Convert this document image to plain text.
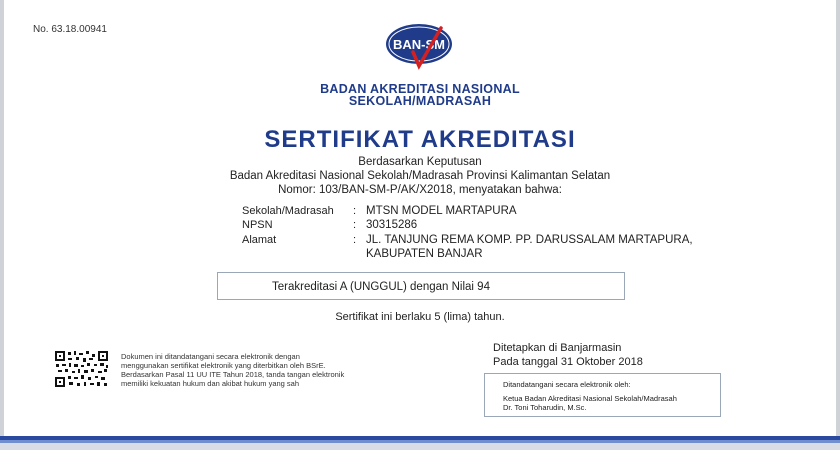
No. 63.18.00941
BAN-SM
BADAN AKREDITASI NASIONAL
SEKOLAH/MADRASAH
SERTIFIKAT AKREDITASI
Berdasarkan Keputusan
Badan Akreditasi Nasional Sekolah/Madrasah Provinsi Kalimantan Selatan
Nomor: 103/BAN-SM-P/AK/X2018, menyatakan bahwa:
Sekolah/Madrasah : MTSN MODEL MARTAPURA
NPSN	: 30315286
Alamat	: JL. TANJUNG REMA KOMP. PP. DARUSSALAM MARTAPURA,
KABUPATEN BANJAR
Terakreditasi A (UNGGUL) dengan Nilai 94
Sertifikat ini berlaku 5 (lima) tahun.
Dokumen ini ditandatangani secara elektronik dengan
menggunakan sertifikat elektronik yang diterbitkan oleh BSrE.
Berdasarkan Pasal 11 UU ITE Tahun 2018, tanda tangan elektronik
memiliki kekuatan hukum dan akibat hukum yang sah
Ditetapkan di Banjarmasin
Pada tanggal 31 Oktober 2018
Ditandatangani secara elektronik oleh:
Ketua Badan Akreditasi Nasional Sekolah/Madrasah
Dr. Toni Toharudin, M.Sc.
